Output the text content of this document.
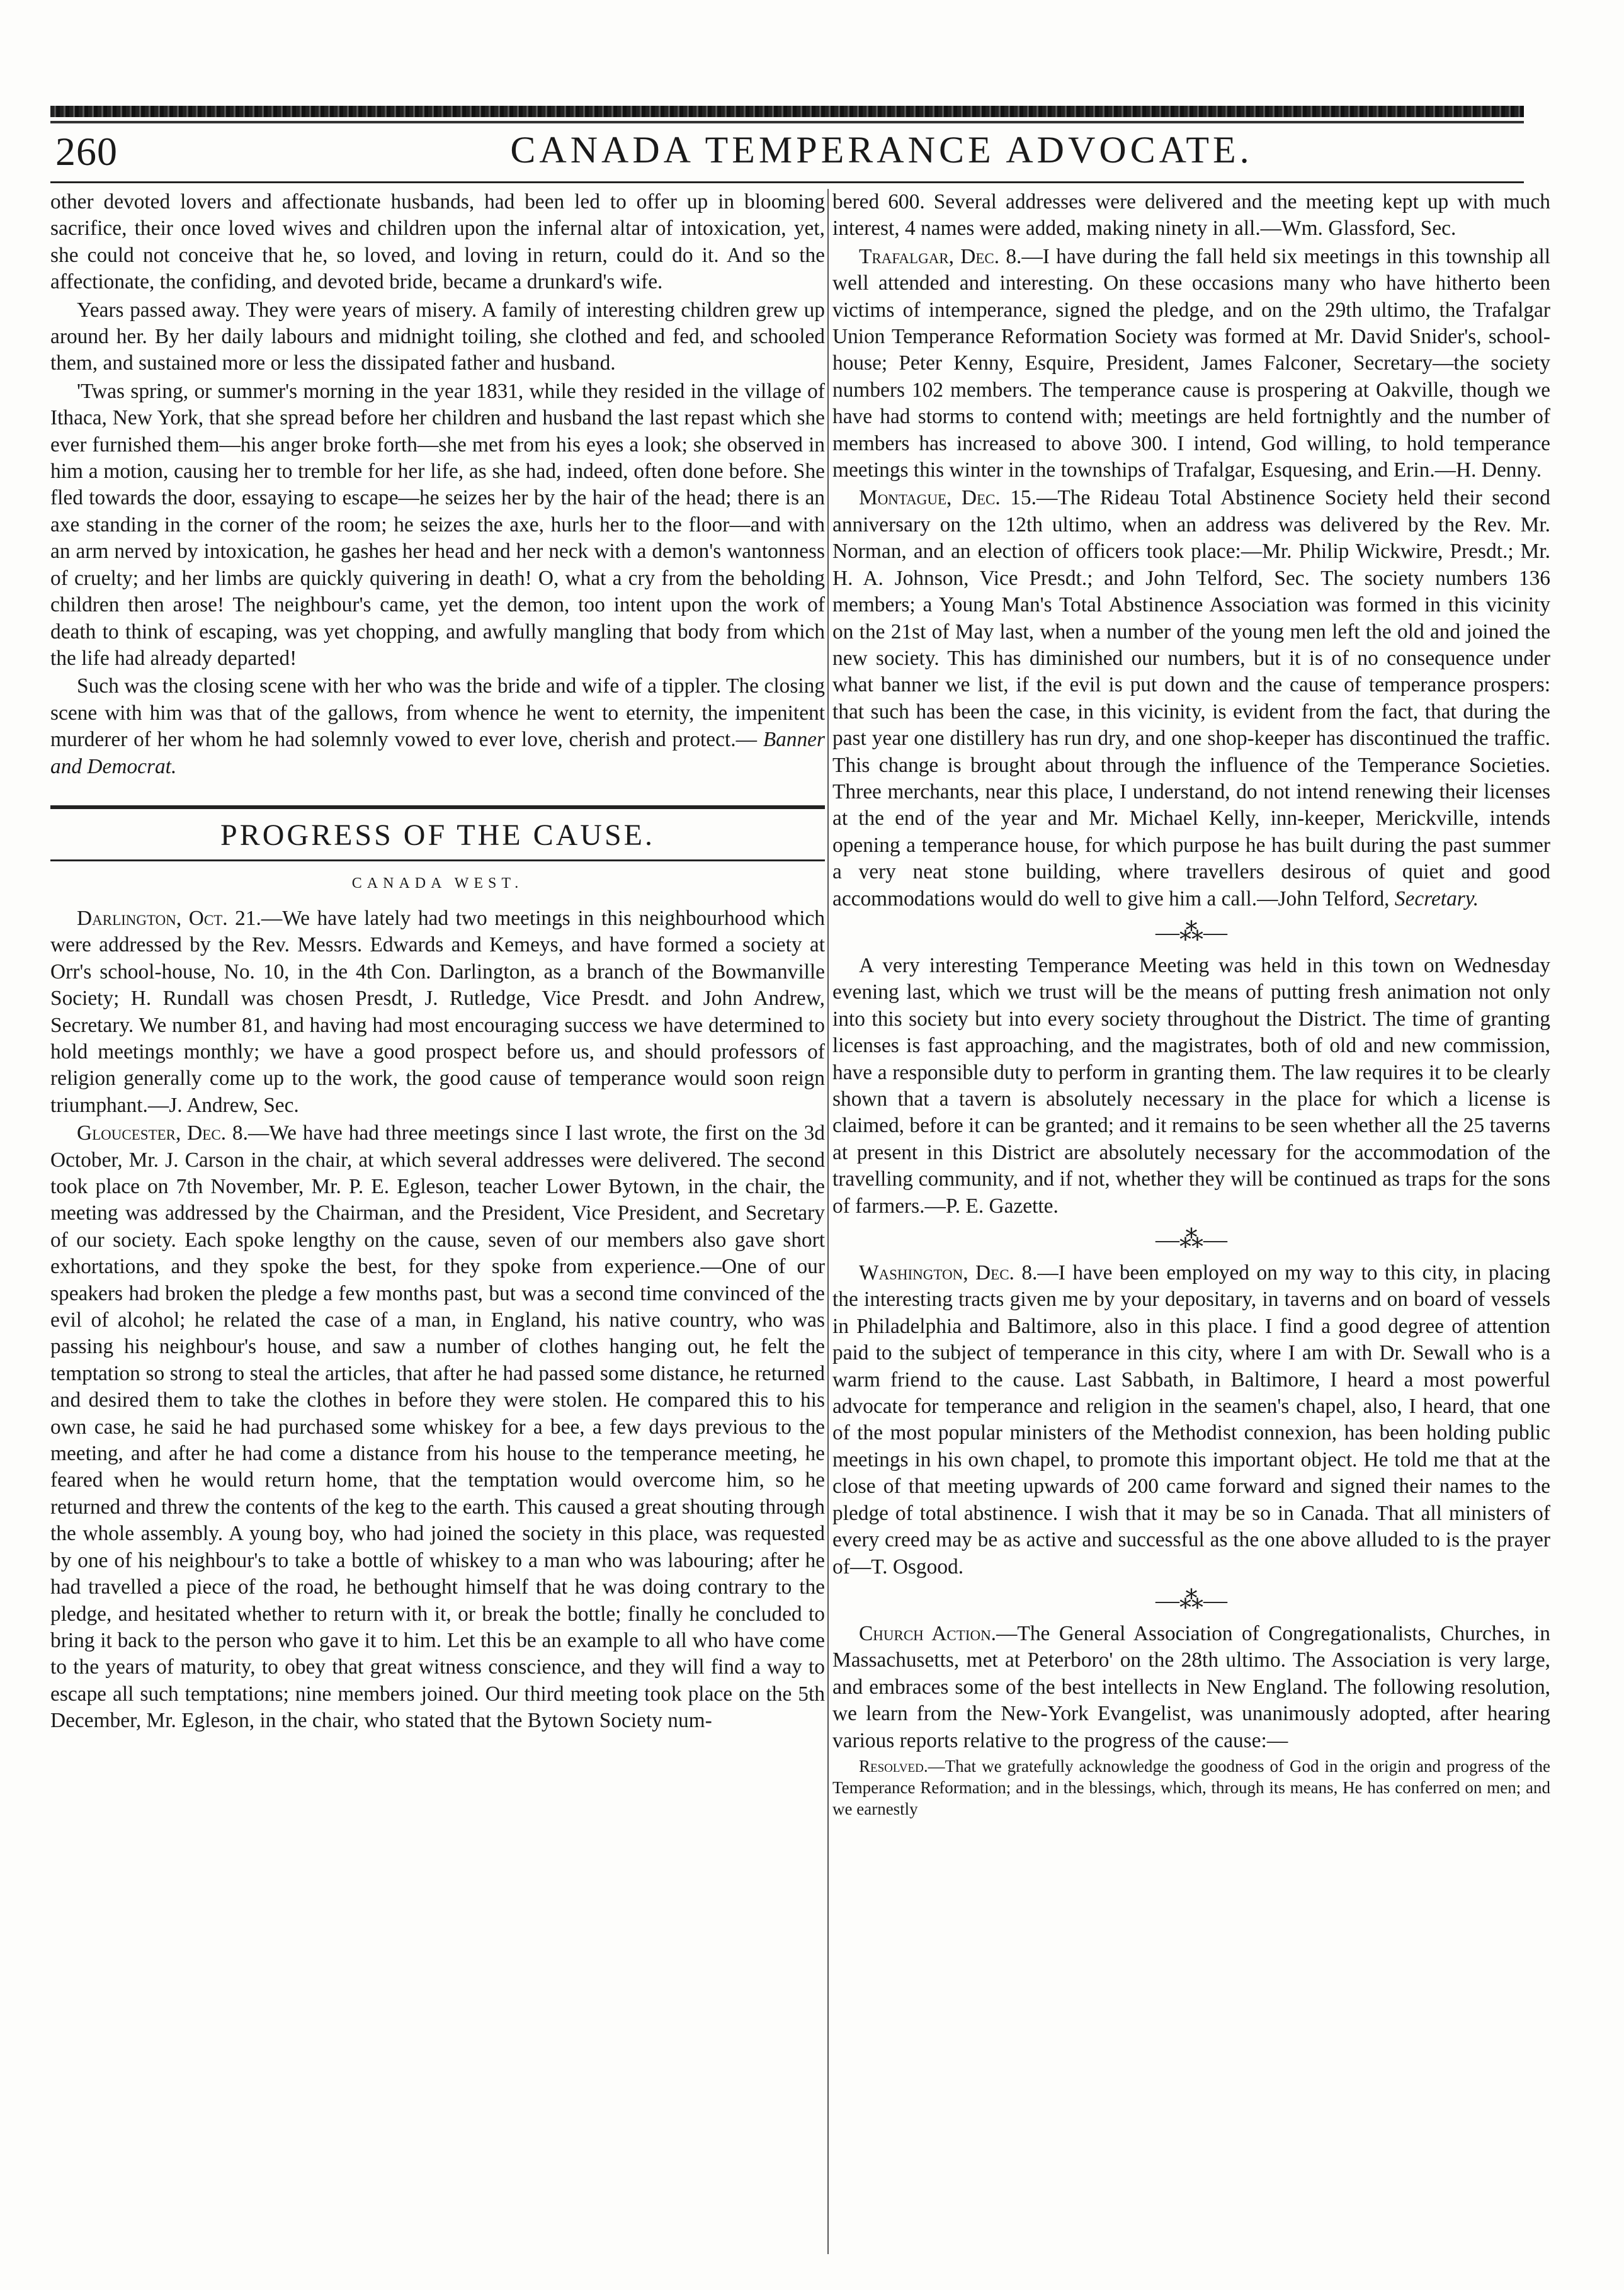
260	CANADA TEMPERANCE ADVOCATE.

other devoted lovers and affectionate husbands, had been led to offer up in blooming sacrifice, their once loved wives and children upon the infernal altar of intoxication, yet, she could not conceive that he, so loved, and loving in return, could do it. And so the affectionate, the confiding, and devoted bride, became a drunkard's wife.

Years passed away. They were years of misery. A family of interesting children grew up around her. By her daily labours and midnight toiling, she clothed and fed, and schooled them, and sustained more or less the dissipated father and husband.

'Twas spring, or summer's morning in the year 1831, while they resided in the village of Ithaca, New York, that she spread before her children and husband the last repast which she ever furnished them—his anger broke forth—she met from his eyes a look; she observed in him a motion, causing her to tremble for her life, as she had, indeed, often done before. She fled towards the door, essaying to escape—he seizes her by the hair of the head; there is an axe standing in the corner of the room; he seizes the axe, hurls her to the floor—and with an arm nerved by intoxication, he gashes her head and her neck with a demon's wantonness of cruelty; and her limbs are quickly quivering in death! O, what a cry from the beholding children then arose! The neighbour's came, yet the demon, too intent upon the work of death to think of escaping, was yet chopping, and awfully mangling that body from which the life had already departed!

Such was the closing scene with her who was the bride and wife of a tippler. The closing scene with him was that of the gallows, from whence he went to eternity, the impenitent murderer of her whom he had solemnly vowed to ever love, cherish and protect.— Banner and Democrat.

PROGRESS OF THE CAUSE.
CANADA WEST.

Darlington, Oct. 21.—We have lately had two meetings in this neighbourhood which were addressed by the Rev. Messrs. Edwards and Kemeys, and have formed a society at Orr's school-house, No. 10, in the 4th Con. Darlington, as a branch of the Bowmanville Society; H. Rundall was chosen Presdt, J. Rutledge, Vice Presdt. and John Andrew, Secretary. We number 81, and having had most encouraging success we have determined to hold meetings monthly; we have a good prospect before us, and should professors of religion generally come up to the work, the good cause of temperance would soon reign triumphant.—J. Andrew, Sec.

Gloucester, Dec. 8.—We have had three meetings since I last wrote, the first on the 3d October, Mr. J. Carson in the chair, at which several addresses were delivered. The second took place on 7th November, Mr. P. E. Egleson, teacher Lower Bytown, in the chair, the meeting was addressed by the Chairman, and the President, Vice President, and Secretary of our society. Each spoke lengthy on the cause, seven of our members also gave short exhortations, and they spoke the best, for they spoke from experience.—One of our speakers had broken the pledge a few months past, but was a second time convinced of the evil of alcohol; he related the case of a man, in England, his native country, who was passing his neighbour's house, and saw a number of clothes hanging out, he felt the temptation so strong to steal the articles, that after he had passed some distance, he returned and desired them to take the clothes in before they were stolen. He compared this to his own case, he said he had purchased some whiskey for a bee, a few days previous to the meeting, and after he had come a distance from his house to the temperance meeting, he feared when he would return home, that the temptation would overcome him, so he returned and threw the contents of the keg to the earth. This caused a great shouting through the whole assembly. A young boy, who had joined the society in this place, was requested by one of his neighbour's to take a bottle of whiskey to a man who was labouring; after he had travelled a piece of the road, he bethought himself that he was doing contrary to the pledge, and hesitated whether to return with it, or break the bottle; finally he concluded to bring it back to the person who gave it to him. Let this be an example to all who have come to the years of maturity, to obey that great witness conscience, and they will find a way to escape all such temptations; nine members joined. Our third meeting took place on the 5th December, Mr. Egleson, in the chair, who stated that the Bytown Society num-

bered 600. Several addresses were delivered and the meeting kept up with much interest, 4 names were added, making ninety in all.—Wm. Glassford, Sec.

Trafalgar, Dec. 8.—I have during the fall held six meetings in this township all well attended and interesting. On these occasions many who have hitherto been victims of intemperance, signed the pledge, and on the 29th ultimo, the Trafalgar Union Temperance Reformation Society was formed at Mr. David Snider's, school-house; Peter Kenny, Esquire, President, James Falconer, Secretary—the society numbers 102 members. The temperance cause is prospering at Oakville, though we have had storms to contend with; meetings are held fortnightly and the number of members has increased to above 300. I intend, God willing, to hold temperance meetings this winter in the townships of Trafalgar, Esquesing, and Erin.—H. Denny.

Montague, Dec. 15.—The Rideau Total Abstinence Society held their second anniversary on the 12th ultimo, when an address was delivered by the Rev. Mr. Norman, and an election of officers took place:—Mr. Philip Wickwire, Presdt.; Mr. H. A. Johnson, Vice Presdt.; and John Telford, Sec. The society numbers 136 members; a Young Man's Total Abstinence Association was formed in this vicinity on the 21st of May last, when a number of the young men left the old and joined the new society. This has diminished our numbers, but it is of no consequence under what banner we list, if the evil is put down and the cause of temperance prospers: that such has been the case, in this vicinity, is evident from the fact, that during the past year one distillery has run dry, and one shop-keeper has discontinued the traffic. This change is brought about through the influence of the Temperance Societies. Three merchants, near this place, I understand, do not intend renewing their licenses at the end of the year and Mr. Michael Kelly, inn-keeper, Merickville, intends opening a temperance house, for which purpose he has built during the past summer a very neat stone building, where travellers desirous of quiet and good accommodations would do well to give him a call.—John Telford, Secretary.

—⁂—

A very interesting Temperance Meeting was held in this town on Wednesday evening last, which we trust will be the means of putting fresh animation not only into this society but into every society throughout the District. The time of granting licenses is fast approaching, and the magistrates, both of old and new commission, have a responsible duty to perform in granting them. The law requires it to be clearly shown that a tavern is absolutely necessary in the place for which a license is claimed, before it can be granted; and it remains to be seen whether all the 25 taverns at present in this District are absolutely necessary for the accommodation of the travelling community, and if not, whether they will be continued as traps for the sons of farmers.—P. E. Gazette.

—⁂—

Washington, Dec. 8.—I have been employed on my way to this city, in placing the interesting tracts given me by your depositary, in taverns and on board of vessels in Philadelphia and Baltimore, also in this place. I find a good degree of attention paid to the subject of temperance in this city, where I am with Dr. Sewall who is a warm friend to the cause. Last Sabbath, in Baltimore, I heard a most powerful advocate for temperance and religion in the seamen's chapel, also, I heard, that one of the most popular ministers of the Methodist connexion, has been holding public meetings in his own chapel, to promote this important object. He told me that at the close of that meeting upwards of 200 came forward and signed their names to the pledge of total abstinence. I wish that it may be so in Canada. That all ministers of every creed may be as active and successful as the one above alluded to is the prayer of—T. Osgood.

—⁂—

Church Action.—The General Association of Congregationalists, Churches, in Massachusetts, met at Peterboro' on the 28th ultimo. The Association is very large, and embraces some of the best intellects in New England. The following resolution, we learn from the New-York Evangelist, was unanimously adopted, after hearing various reports relative to the progress of the cause:—

Resolved.—That we gratefully acknowledge the goodness of God in the origin and progress of the Temperance Reformation; and in the blessings, which, through its means, He has conferred on men; and we earnestly
